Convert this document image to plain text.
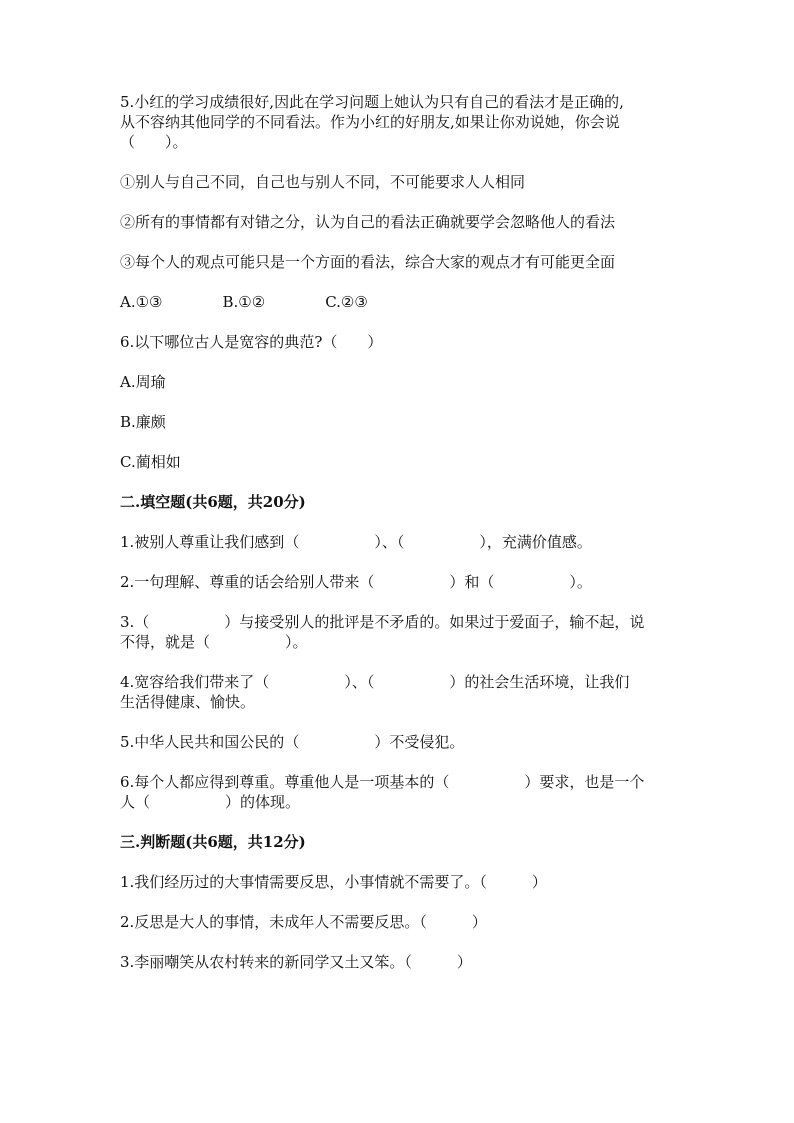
5.小红的学习成绩很好,因此在学习问题上她认为只有自己的看法才是正确的,

从不容纳其他同学的不同看法。作为小红的好朋友,如果让你劝说她，你会说

（　　）。

①别人与自己不同，自己也与别人不同，不可能要求人人相同

②所有的事情都有对错之分，认为自己的看法正确就要学会忽略他人的看法

③每个人的观点可能只是一个方面的看法，综合大家的观点才有可能更全面

A.①③	B.①②	C.②③

6.以下哪位古人是宽容的典范?（　　）

A.周瑜

B.廉颇

C.蔺相如

二.填空题(共6题，共20分)

1.被别人尊重让我们感到（　　　　　）、（　　　　　），充满价值感。

2.一句理解、尊重的话会给别人带来（　　　　　）和（　　　　　）。

3.（　　　　　）与接受别人的批评是不矛盾的。如果过于爱面子，输不起，说

不得，就是（　　　　　）。

4.宽容给我们带来了（　　　　　）、（　　　　　）的社会生活环境，让我们

生活得健康、愉快。

5.中华人民共和国公民的（　　　　　）不受侵犯。

6.每个人都应得到尊重。尊重他人是一项基本的（　　　　　）要求，也是一个

人（　　　　　）的体现。

三.判断题(共6题，共12分)

1.我们经历过的大事情需要反思，小事情就不需要了。（　　　）

2.反思是大人的事情，未成年人不需要反思。（　　　）

3.李丽嘲笑从农村转来的新同学又土又笨。（　　　）
